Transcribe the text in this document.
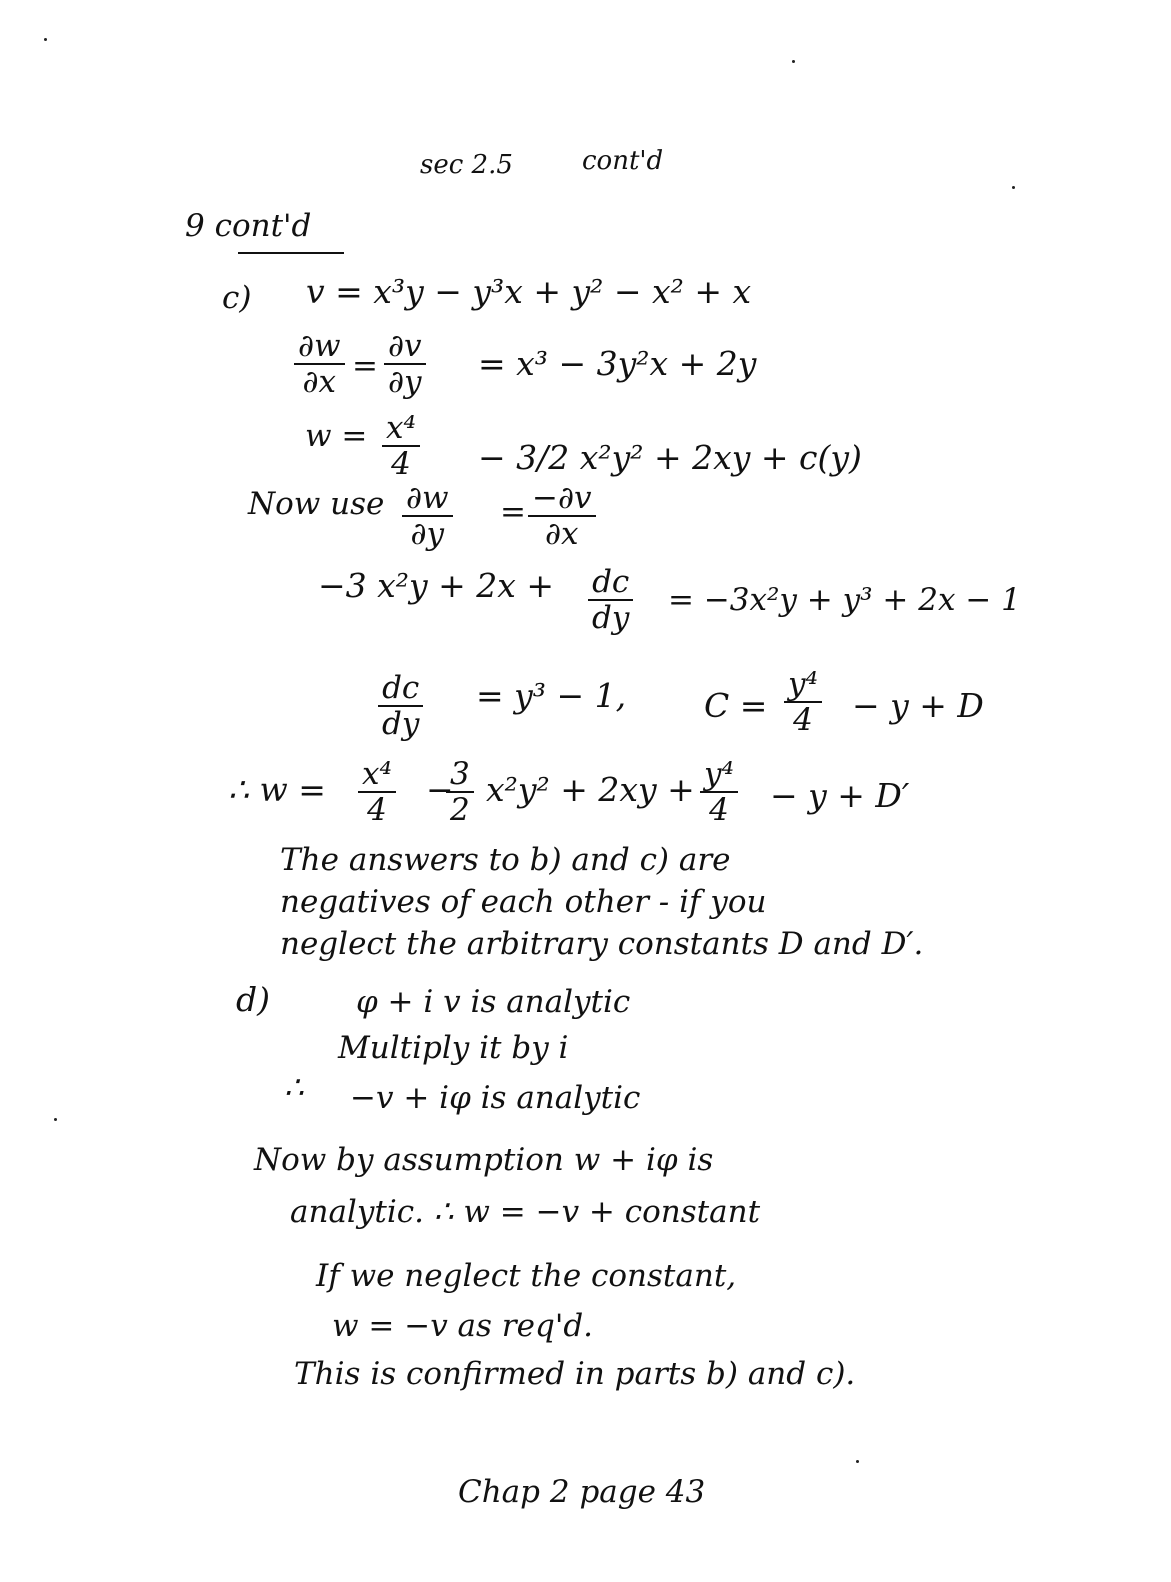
sec 2.5	cont'd
9 cont'd
c) v = x³y − y³x + y² − x² + x
$\frac{\partial w}{\partial x} = \frac{\partial v}{\partial y} = x^3 - 3y^2x + 2y$
$w = \frac{\text{x⁴}}{4} - 3/2$ x²y² + 2xy + c(y)
Now use $\frac{\partial w}{\partial y} = \frac{-\partial v}{\partial x}$
−3 $x^2y + 2x + \frac{dc}{dy} = -3x^2y + y^3 + 2x - 1$
$\frac{dc}{dy} = y^3 - 1$, $C = \frac{\text{y⁴}}{4} - y + D$
∴ $w = \frac{\text{x⁴}}{4}$ −
$\frac{3}{2} x^2y^2 + 2xy + \frac{\text{y⁴}}{4} - y + D'$
The answers to b) and c) are
negatives of each other - if you
neglect the arbitrary constants D and D′.
d)	φ + i v is analytic
Multiply it by i
∴ −v + iφ is analytic
Now by assumption w + iφ is
analytic. ∴ w = −v + constant
If we neglect the constant,
w = −v as req'd.
This is confirmed in parts b) and c).
Chap 2 page 43
